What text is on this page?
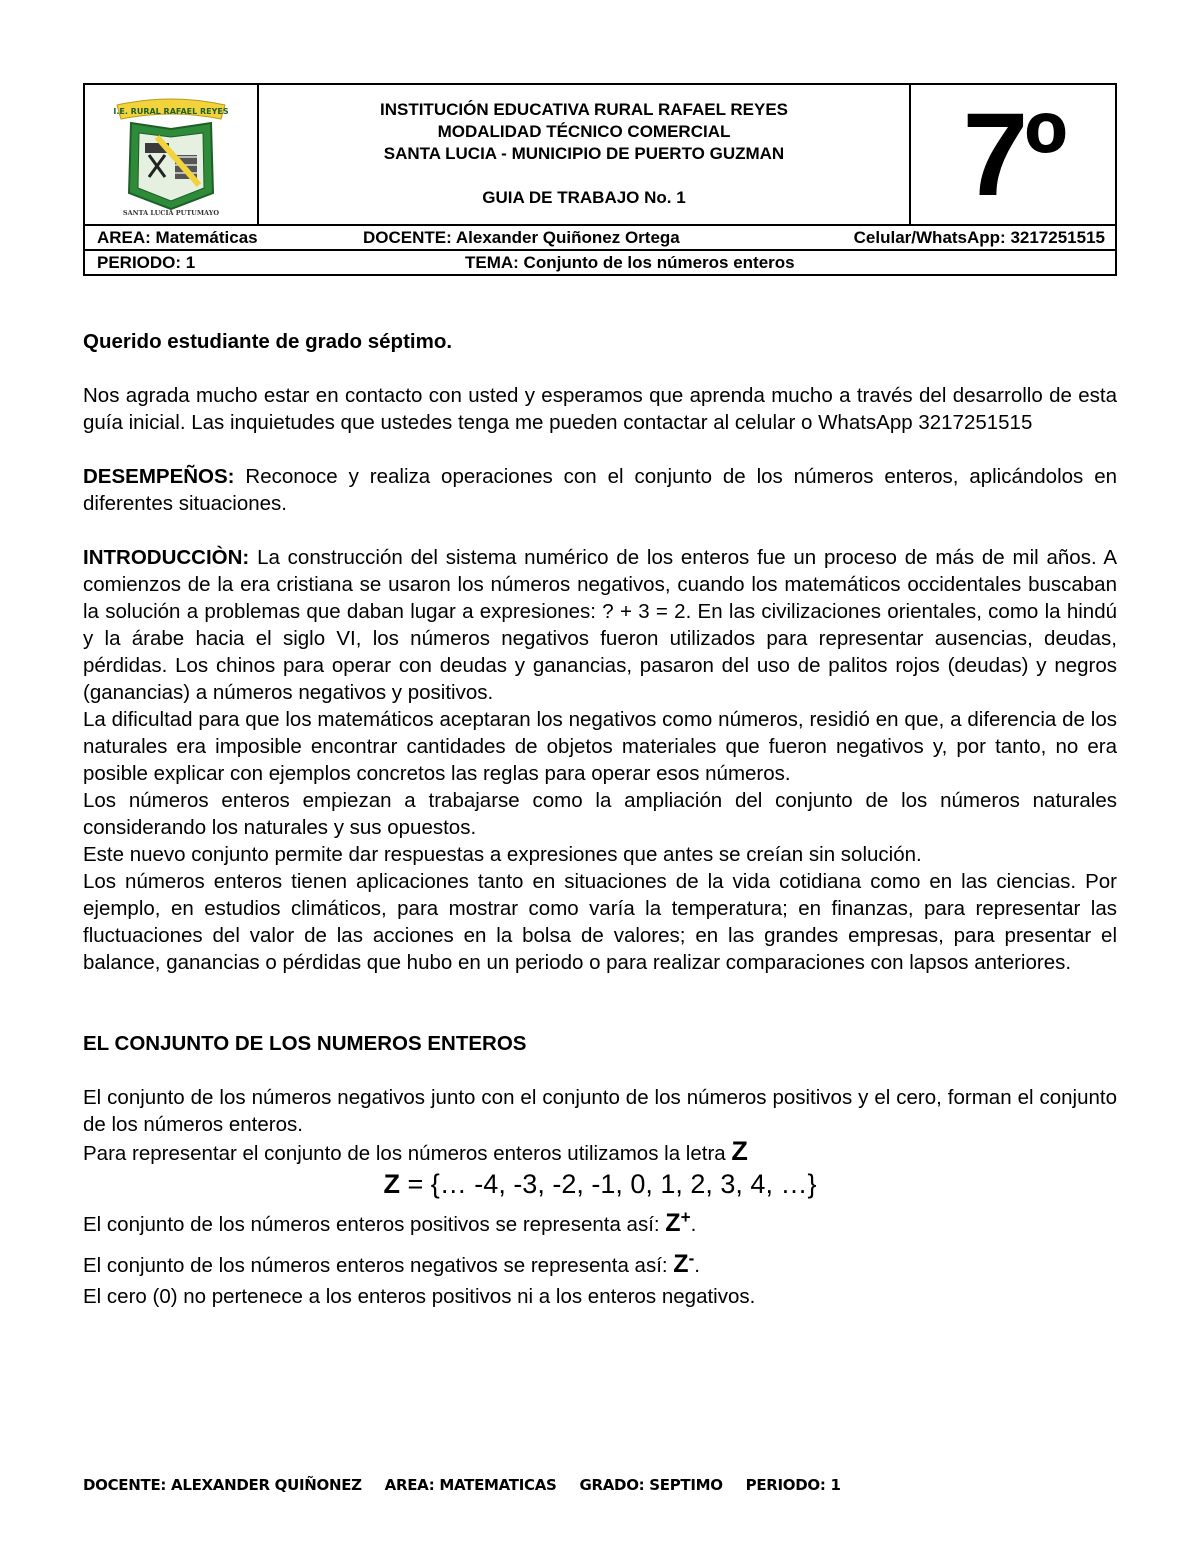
I.E. RURAL RAFAEL REYES
SANTA LUCIA PUTUMAYO
INSTITUCIÓN EDUCATIVA RURAL RAFAEL REYES
MODALIDAD TÉCNICO COMERCIAL
SANTA LUCIA - MUNICIPIO DE PUERTO GUZMAN
GUIA DE TRABAJO No. 1	7º
AREA: Matemáticas	DOCENTE: Alexander Quiñonez Ortega	Celular/WhatsApp: 3217251515
PERIODO: 1	TEMA: Conjunto de los números enteros

Querido estudiante de grado séptimo.

Nos agrada mucho estar en contacto con usted y esperamos que aprenda mucho a través del desarrollo de esta guía inicial. Las inquietudes que ustedes tenga me pueden contactar al celular o WhatsApp 3217251515

DESEMPEÑOS: Reconoce y realiza operaciones con el conjunto de los números enteros, aplicándolos en diferentes situaciones.

INTRODUCCIÒN: La construcción del sistema numérico de los enteros fue un proceso de más de mil años. A comienzos de la era cristiana se usaron los números negativos, cuando los matemáticos occidentales buscaban la solución a problemas que daban lugar a expresiones: ? + 3 = 2. En las civilizaciones orientales, como la hindú y la árabe hacia el siglo VI, los números negativos fueron utilizados para representar ausencias, deudas, pérdidas. Los chinos para operar con deudas y ganancias, pasaron del uso de palitos rojos (deudas) y negros (ganancias) a números negativos y positivos.

La dificultad para que los matemáticos aceptaran los negativos como números, residió en que, a diferencia de los naturales era imposible encontrar cantidades de objetos materiales que fueron negativos y, por tanto, no era posible explicar con ejemplos concretos las reglas para operar esos números.

Los números enteros empiezan a trabajarse como la ampliación del conjunto de los números naturales considerando los naturales y sus opuestos.

Este nuevo conjunto permite dar respuestas a expresiones que antes se creían sin solución.

Los números enteros tienen aplicaciones tanto en situaciones de la vida cotidiana como en las ciencias. Por ejemplo, en estudios climáticos, para mostrar como varía la temperatura; en finanzas, para representar las fluctuaciones del valor de las acciones en la bolsa de valores; en las grandes empresas, para presentar el balance, ganancias o pérdidas que hubo en un periodo o para realizar comparaciones con lapsos anteriores.

EL CONJUNTO DE LOS NUMEROS ENTEROS

El conjunto de los números negativos junto con el conjunto de los números positivos y el cero, forman el conjunto de los números enteros.

Para representar el conjunto de los números enteros utilizamos la letra Z

Z = {… -4, -3, -2, -1, 0, 1, 2, 3, 4, …}

El conjunto de los números enteros positivos se representa así: Z+.

El conjunto de los números enteros negativos se representa así: Z-.

El cero (0) no pertenece a los enteros positivos ni a los enteros negativos.

DOCENTE: ALEXANDER QUIÑONEZ AREA: MATEMATICAS GRADO: SEPTIMO PERIODO: 1
